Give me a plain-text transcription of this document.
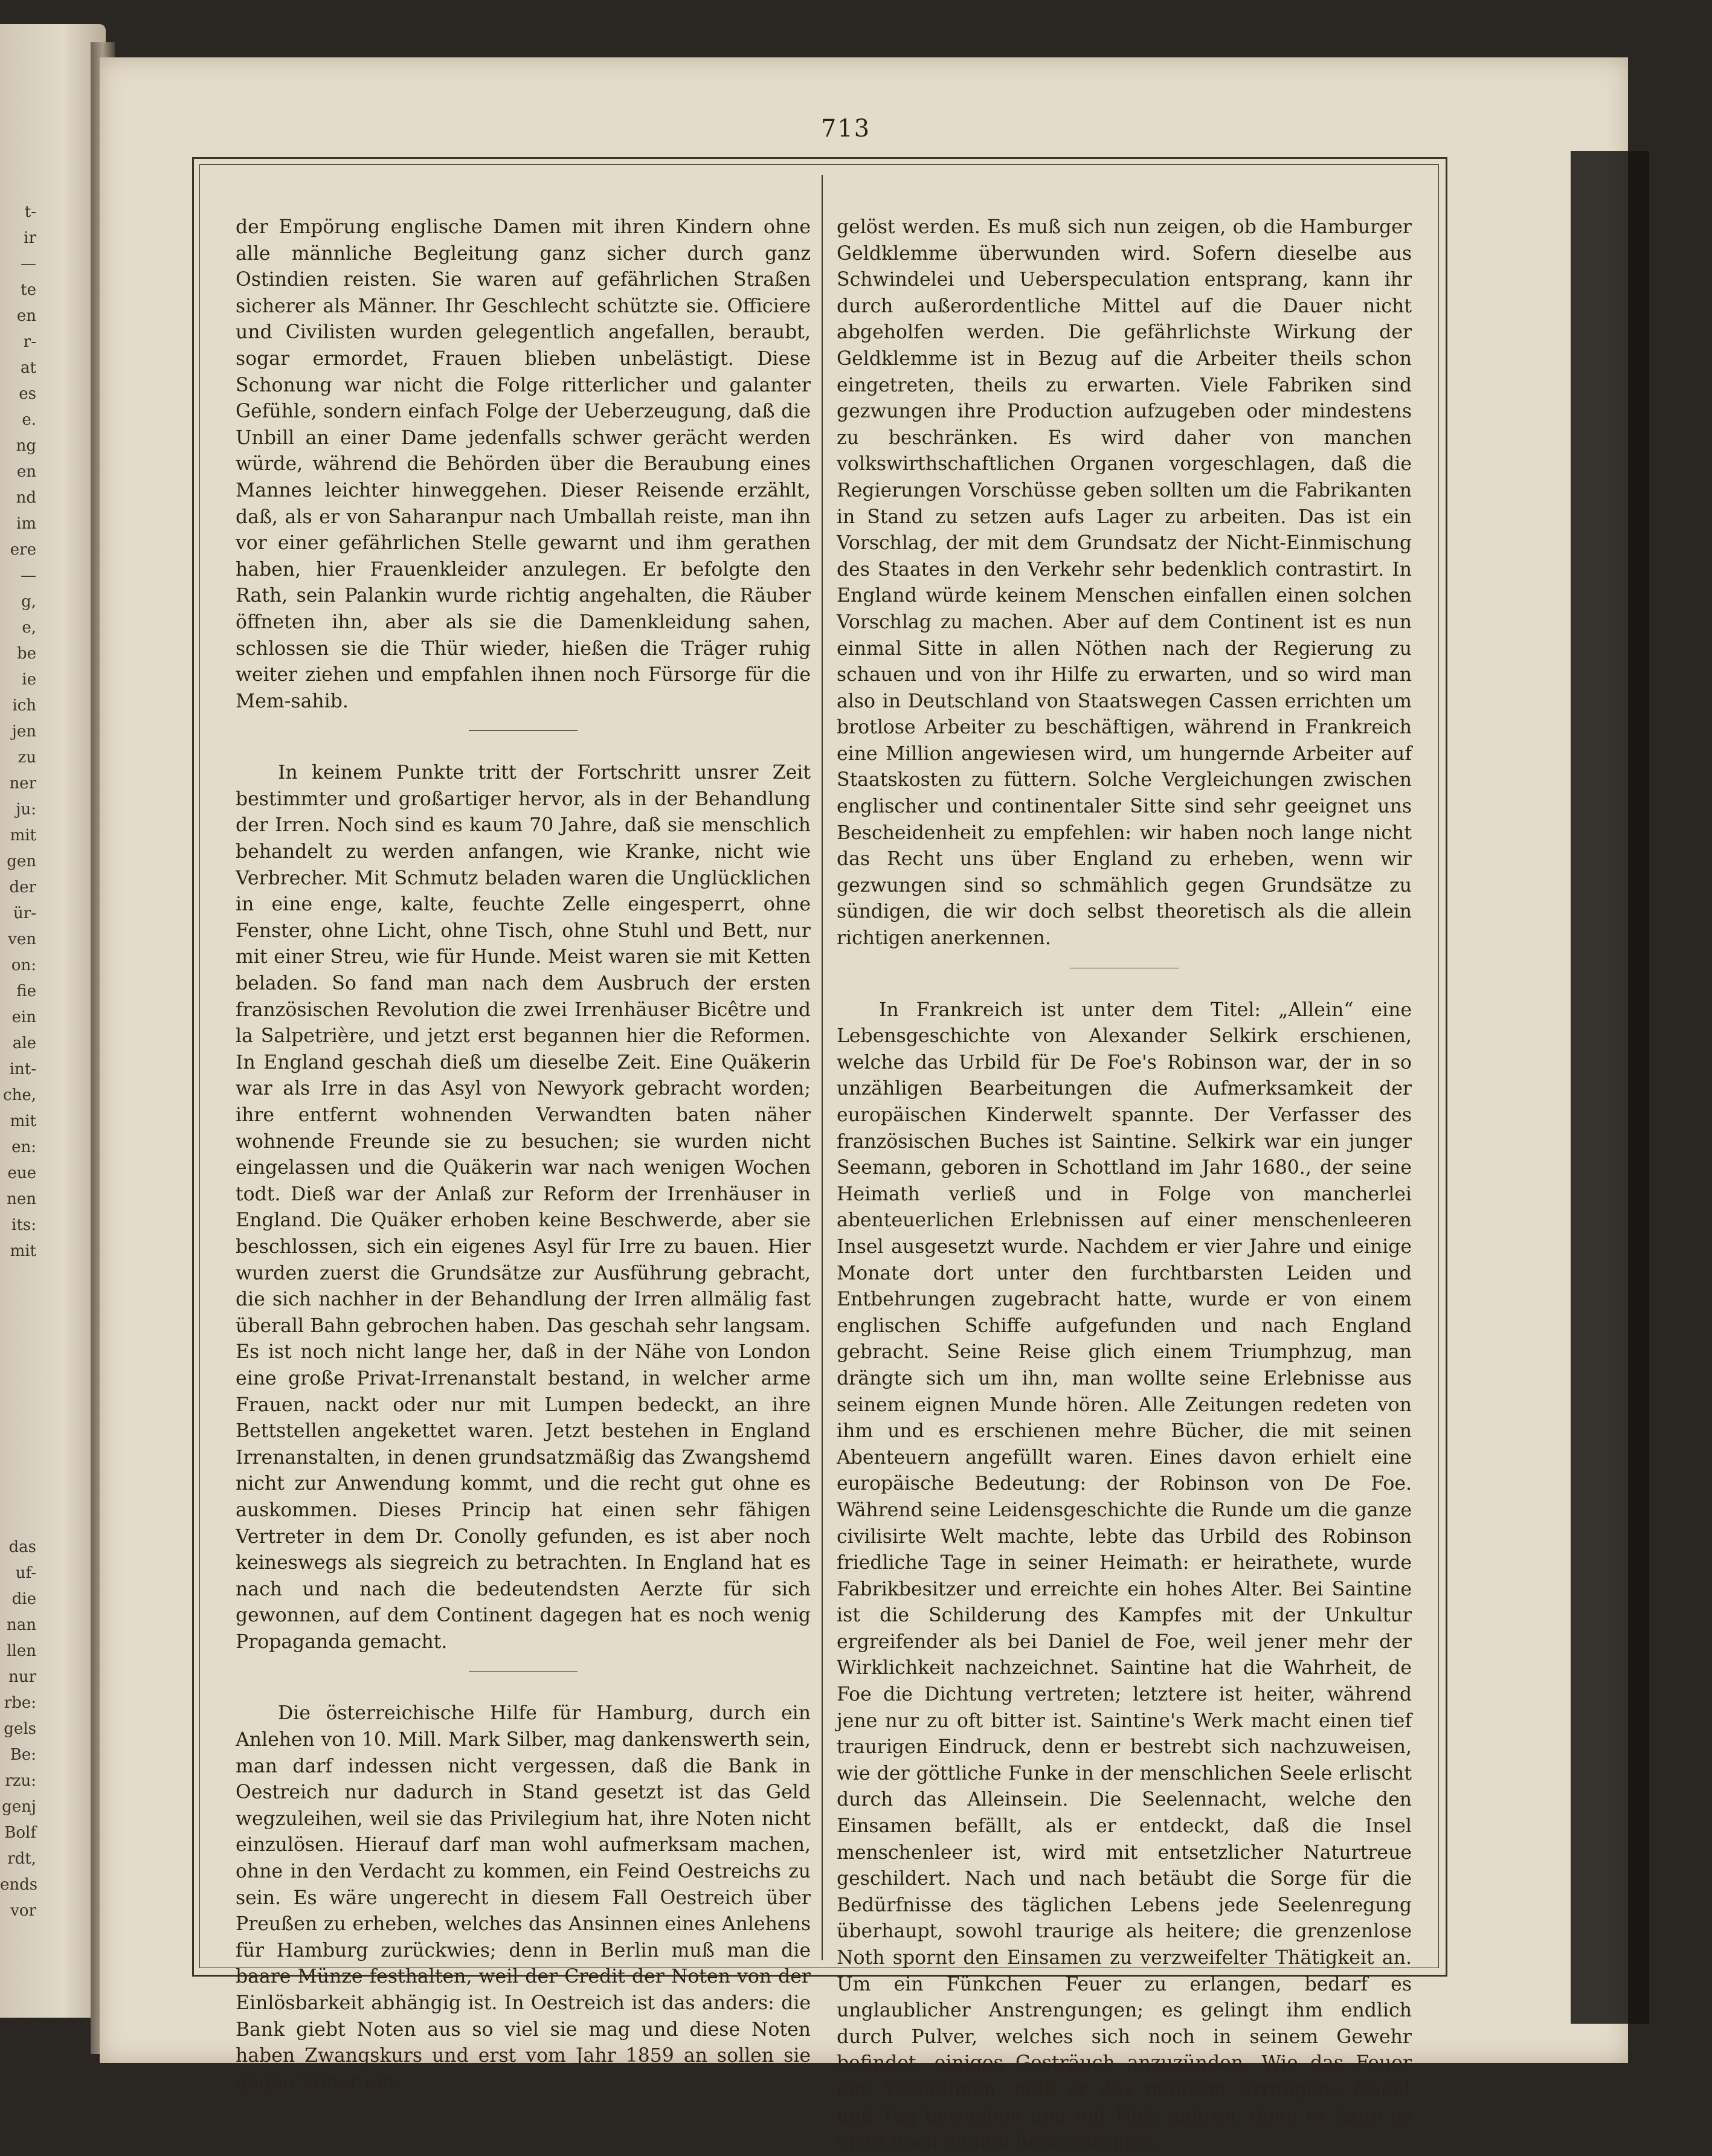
t-
ir
—
te
en
r-
at
es
e.
ng
en
nd
im
ere
—
g,
e,
be
ie
ich
jen
zu
ner
ju:
mit
gen
der
ür-
ven
on:
fie
ein
ale
int-
che,
mit
en:
eue
nen
its:
mit
das
uf-
die
nan
llen
nur
rbe:
gels
Be:
rzu:
genj
Bolf
rdt,
ends
vor
713

der Empörung englische Damen mit ihren Kindern ohne alle männliche Begleitung ganz sicher durch ganz Ostindien reisten. Sie waren auf gefährlichen Straßen sicherer als Männer. Ihr Geschlecht schützte sie. Officiere und Civilisten wurden gelegentlich angefallen, beraubt, sogar ermordet, Frauen blieben unbelästigt. Diese Schonung war nicht die Folge ritterlicher und galanter Gefühle, sondern einfach Folge der Ueberzeugung, daß die Unbill an einer Dame jedenfalls schwer gerächt werden würde, während die Behörden über die Beraubung eines Mannes leichter hinweggehen. Dieser Reisende erzählt, daß, als er von Saharanpur nach Umballah reiste, man ihn vor einer gefährlichen Stelle gewarnt und ihm gerathen haben, hier Frauenkleider anzulegen. Er befolgte den Rath, sein Palankin wurde richtig angehalten, die Räuber öffneten ihn, aber als sie die Damenkleidung sahen, schlossen sie die Thür wieder, hießen die Träger ruhig weiter ziehen und empfahlen ihnen noch Fürsorge für die Mem-sahib.

In keinem Punkte tritt der Fortschritt unsrer Zeit bestimmter und großartiger hervor, als in der Behandlung der Irren. Noch sind es kaum 70 Jahre, daß sie menschlich behandelt zu werden anfangen, wie Kranke, nicht wie Verbrecher. Mit Schmutz beladen waren die Unglücklichen in eine enge, kalte, feuchte Zelle eingesperrt, ohne Fenster, ohne Licht, ohne Tisch, ohne Stuhl und Bett, nur mit einer Streu, wie für Hunde. Meist waren sie mit Ketten beladen. So fand man nach dem Ausbruch der ersten französischen Revolution die zwei Irrenhäuser Bicêtre und la Salpetrière, und jetzt erst begannen hier die Reformen. In England geschah dieß um dieselbe Zeit. Eine Quäkerin war als Irre in das Asyl von Newyork gebracht worden; ihre entfernt wohnenden Verwandten baten näher wohnende Freunde sie zu besuchen; sie wurden nicht eingelassen und die Quäkerin war nach wenigen Wochen todt. Dieß war der Anlaß zur Reform der Irrenhäuser in England. Die Quäker erhoben keine Beschwerde, aber sie beschlossen, sich ein eigenes Asyl für Irre zu bauen. Hier wurden zuerst die Grundsätze zur Ausführung gebracht, die sich nachher in der Behandlung der Irren allmälig fast überall Bahn gebrochen haben. Das geschah sehr langsam. Es ist noch nicht lange her, daß in der Nähe von London eine große Privat-Irrenanstalt bestand, in welcher arme Frauen, nackt oder nur mit Lumpen bedeckt, an ihre Bettstellen angekettet waren. Jetzt bestehen in England Irrenanstalten, in denen grundsatzmäßig das Zwangshemd nicht zur Anwendung kommt, und die recht gut ohne es auskommen. Dieses Princip hat einen sehr fähigen Vertreter in dem Dr. Conolly gefunden, es ist aber noch keineswegs als siegreich zu betrachten. In England hat es nach und nach die bedeutendsten Aerzte für sich gewonnen, auf dem Continent dagegen hat es noch wenig Propaganda gemacht.

Die österreichische Hilfe für Hamburg, durch ein Anlehen von 10. Mill. Mark Silber, mag dankenswerth sein, man darf indessen nicht vergessen, daß die Bank in Oestreich nur dadurch in Stand gesetzt ist das Geld wegzuleihen, weil sie das Privilegium hat, ihre Noten nicht einzulösen. Hierauf darf man wohl aufmerksam machen, ohne in den Verdacht zu kommen, ein Feind Oestreichs zu sein. Es wäre ungerecht in diesem Fall Oestreich über Preußen zu erheben, welches das Ansinnen eines Anlehens für Hamburg zurückwies; denn in Berlin muß man die baare Münze festhalten, weil der Credit der Noten von der Einlösbarkeit abhängig ist. In Oestreich ist das anders: die Bank giebt Noten aus so viel sie mag und diese Noten haben Zwangskurs und erst vom Jahr 1859 an sollen sie gegen Silber ein-

gelöst werden. Es muß sich nun zeigen, ob die Hamburger Geldklemme überwunden wird. Sofern dieselbe aus Schwindelei und Ueberspeculation entsprang, kann ihr durch außerordentliche Mittel auf die Dauer nicht abgeholfen werden. Die gefährlichste Wirkung der Geldklemme ist in Bezug auf die Arbeiter theils schon eingetreten, theils zu erwarten. Viele Fabriken sind gezwungen ihre Production aufzugeben oder mindestens zu beschränken. Es wird daher von manchen volkswirthschaftlichen Organen vorgeschlagen, daß die Regierungen Vorschüsse geben sollten um die Fabrikanten in Stand zu setzen aufs Lager zu arbeiten. Das ist ein Vorschlag, der mit dem Grundsatz der Nicht-Einmischung des Staates in den Verkehr sehr bedenklich contrastirt. In England würde keinem Menschen einfallen einen solchen Vorschlag zu machen. Aber auf dem Continent ist es nun einmal Sitte in allen Nöthen nach der Regierung zu schauen und von ihr Hilfe zu erwarten, und so wird man also in Deutschland von Staatswegen Cassen errichten um brotlose Arbeiter zu beschäftigen, während in Frankreich eine Million angewiesen wird, um hungernde Arbeiter auf Staatskosten zu füttern. Solche Vergleichungen zwischen englischer und continentaler Sitte sind sehr geeignet uns Bescheidenheit zu empfehlen: wir haben noch lange nicht das Recht uns über England zu erheben, wenn wir gezwungen sind so schmählich gegen Grundsätze zu sündigen, die wir doch selbst theoretisch als die allein richtigen anerkennen.

In Frankreich ist unter dem Titel: „Allein“ eine Lebensgeschichte von Alexander Selkirk erschienen, welche das Urbild für De Foe's Robinson war, der in so unzähligen Bearbeitungen die Aufmerksamkeit der europäischen Kinderwelt spannte. Der Verfasser des französischen Buches ist Saintine. Selkirk war ein junger Seemann, geboren in Schottland im Jahr 1680., der seine Heimath verließ und in Folge von mancherlei abenteuerlichen Erlebnissen auf einer menschenleeren Insel ausgesetzt wurde. Nachdem er vier Jahre und einige Monate dort unter den furchtbarsten Leiden und Entbehrungen zugebracht hatte, wurde er von einem englischen Schiffe aufgefunden und nach England gebracht. Seine Reise glich einem Triumphzug, man drängte sich um ihn, man wollte seine Erlebnisse aus seinem eignen Munde hören. Alle Zeitungen redeten von ihm und es erschienen mehre Bücher, die mit seinen Abenteuern angefüllt waren. Eines davon erhielt eine europäische Bedeutung: der Robinson von De Foe. Während seine Leidensgeschichte die Runde um die ganze civilisirte Welt machte, lebte das Urbild des Robinson friedliche Tage in seiner Heimath: er heirathete, wurde Fabrikbesitzer und erreichte ein hohes Alter. Bei Saintine ist die Schilderung des Kampfes mit der Unkultur ergreifender als bei Daniel de Foe, weil jener mehr der Wirklichkeit nachzeichnet. Saintine hat die Wahrheit, de Foe die Dichtung vertreten; letztere ist heiter, während jene nur zu oft bitter ist. Saintine's Werk macht einen tief traurigen Eindruck, denn er bestrebt sich nachzuweisen, wie der göttliche Funke in der menschlichen Seele erlischt durch das Alleinsein. Die Seelennacht, welche den Einsamen befällt, als er entdeckt, daß die Insel menschenleer ist, wird mit entsetzlicher Naturtreue geschildert. Nach und nach betäubt die Sorge für die Bedürfnisse des täglichen Lebens jede Seelenregung überhaupt, sowohl traurige als heitere; die grenzenlose Noth spornt den Einsamen zu verzweifelter Thätigkeit an. Um ein Fünkchen Feuer zu erlangen, bedarf es unglaublicher Anstrengungen; es gelingt ihm endlich durch Pulver, welches sich noch in seinem Gewehr befindet, einiges Gesträuch anzuzünden. Wie das Feuer den Vestalinnen, muß er das mühsam Errungene Nacht und Tag bewachen und mit Holz nähren, denn er kann es nicht noch einmal hervorbringen.
